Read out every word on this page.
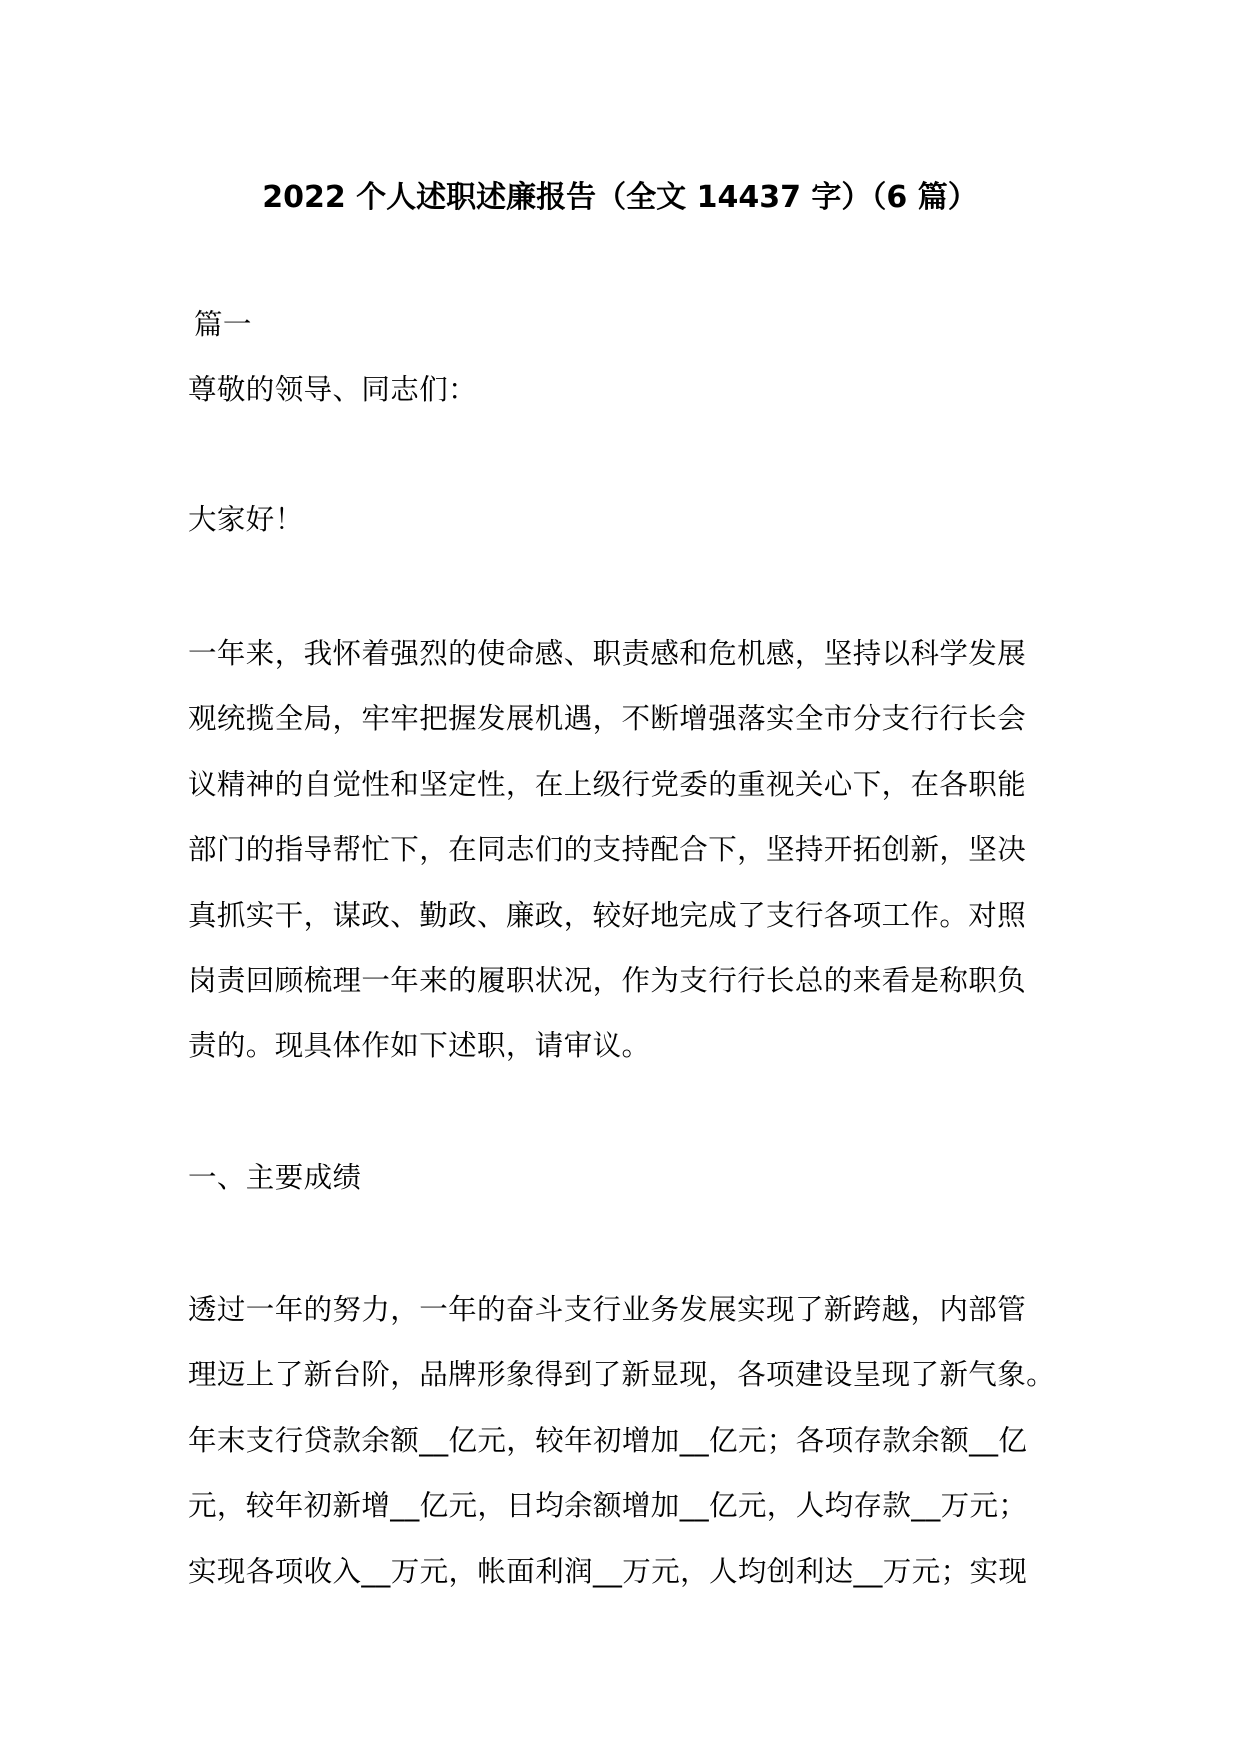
2022 个人述职述廉报告（全文 14437 字）（6 篇）
篇一
尊敬的领导、同志们：
大家好！
一年来，我怀着强烈的使命感、职责感和危机感，坚持以科学发展
观统揽全局，牢牢把握发展机遇，不断增强落实全市分支行行长会
议精神的自觉性和坚定性，在上级行党委的重视关心下，在各职能
部门的指导帮忙下，在同志们的支持配合下，坚持开拓创新，坚决
真抓实干，谋政、勤政、廉政，较好地完成了支行各项工作。对照
岗责回顾梳理一年来的履职状况，作为支行行长总的来看是称职负
责的。现具体作如下述职，请审议。
一、主要成绩
透过一年的努力，一年的奋斗支行业务发展实现了新跨越，内部管
理迈上了新台阶，品牌形象得到了新显现，各项建设呈现了新气象。
年末支行贷款余额__亿元，较年初增加__亿元；各项存款余额__亿
元，较年初新增__亿元，日均余额增加__亿元，人均存款__万元；
实现各项收入__万元，帐面利润__万元，人均创利达__万元；实现
